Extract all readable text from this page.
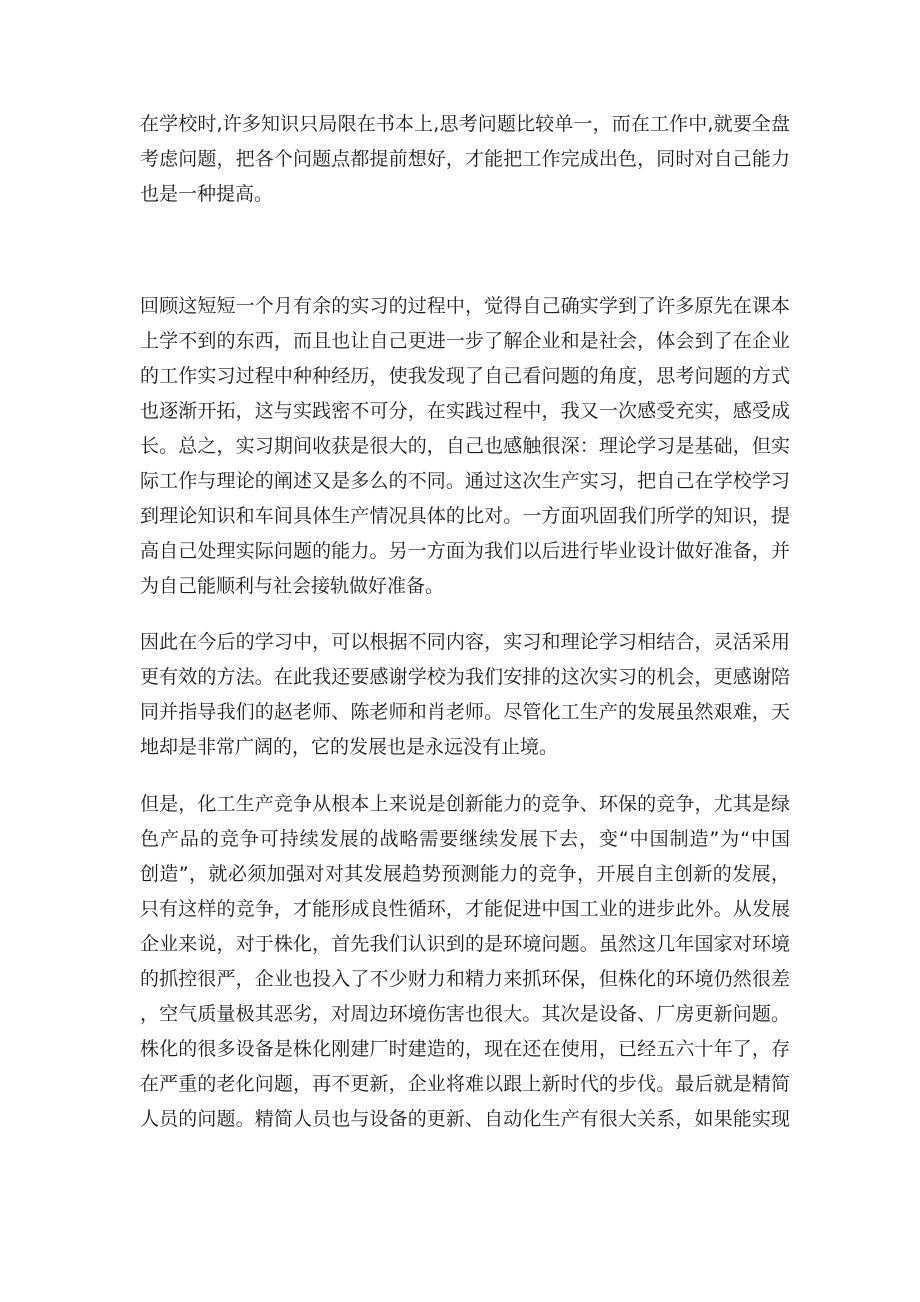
在学校时,许多知识只局限在书本上,思考问题比较单一，而在工作中,就要全盘
考虑问题，把各个问题点都提前想好，才能把工作完成出色，同时对自己能力
也是一种提高。
回顾这短短一个月有余的实习的过程中，觉得自己确实学到了许多原先在课本
上学不到的东西，而且也让自己更进一步了解企业和是社会，体会到了在企业
的工作实习过程中种种经历，使我发现了自己看问题的角度，思考问题的方式
也逐渐开拓，这与实践密不可分，在实践过程中，我又一次感受充实，感受成
长。总之，实习期间收获是很大的，自己也感触很深：理论学习是基础，但实
际工作与理论的阐述又是多么的不同。通过这次生产实习，把自己在学校学习
到理论知识和车间具体生产情况具体的比对。一方面巩固我们所学的知识，提
高自己处理实际问题的能力。另一方面为我们以后进行毕业设计做好准备，并
为自己能顺利与社会接轨做好准备。
因此在今后的学习中，可以根据不同内容，实习和理论学习相结合，灵活采用
更有效的方法。在此我还要感谢学校为我们安排的这次实习的机会，更感谢陪
同并指导我们的赵老师、陈老师和肖老师。尽管化工生产的发展虽然艰难，天
地却是非常广阔的，它的发展也是永远没有止境。
但是，化工生产竞争从根本上来说是创新能力的竞争、环保的竞争，尤其是绿
色产品的竞争可持续发展的战略需要继续发展下去，变“中国制造”为“中国
创造”，就必须加强对对其发展趋势预测能力的竞争，开展自主创新的发展，
只有这样的竞争，才能形成良性循环，才能促进中国工业的进步此外。从发展
企业来说，对于株化，首先我们认识到的是环境问题。虽然这几年国家对环境
的抓控很严，企业也投入了不少财力和精力来抓环保，但株化的环境仍然很差
，空气质量极其恶劣，对周边环境伤害也很大。其次是设备、厂房更新问题。
株化的很多设备是株化刚建厂时建造的，现在还在使用，已经五六十年了，存
在严重的老化问题，再不更新，企业将难以跟上新时代的步伐。最后就是精简
人员的问题。精简人员也与设备的更新、自动化生产有很大关系，如果能实现
